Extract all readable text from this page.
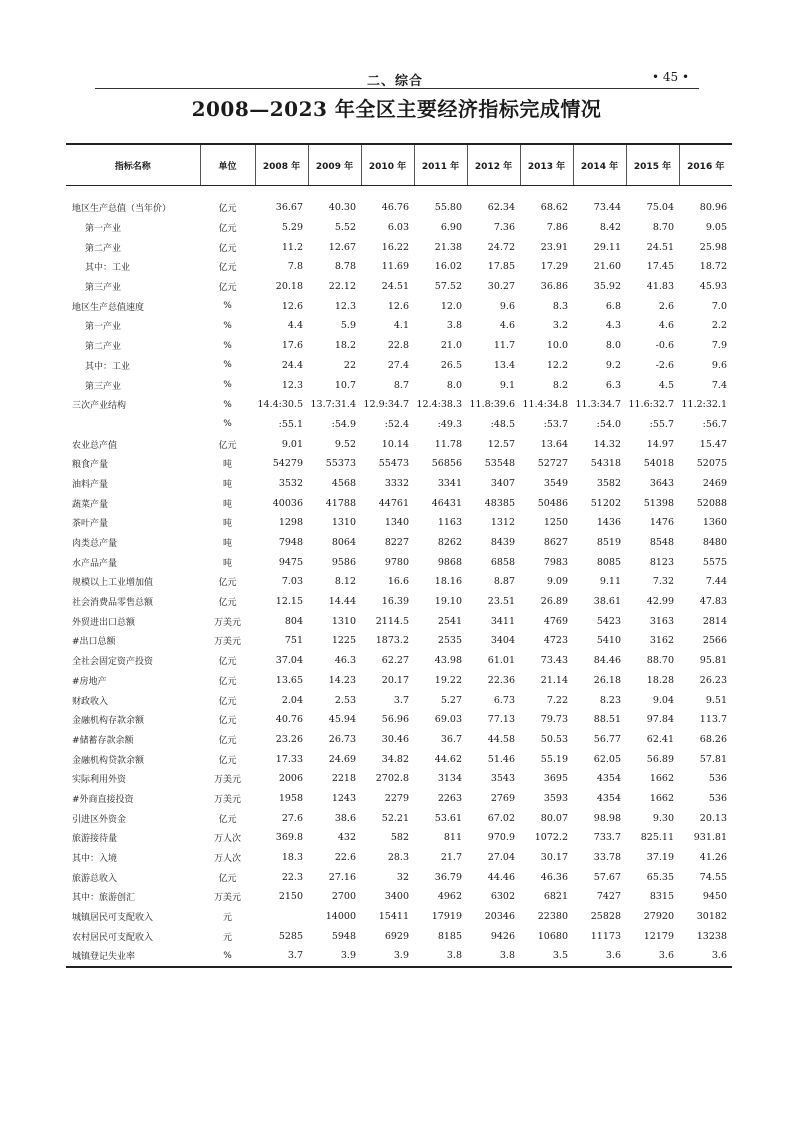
二、综合	• 45 •
2008—2023 年全区主要经济指标完成情况
指标名称	单位	2008 年	2009 年	2010 年	2011 年	2012 年	2013 年	2014 年	2015 年	2016 年

地区生产总值（当年价）	亿元	36.67	40.30	46.76	55.80	62.34	68.62	73.44	75.04	80.96
第一产业	亿元	5.29	5.52	6.03	6.90	7.36	7.86	8.42	8.70	9.05
第二产业	亿元	11.2	12.67	16.22	21.38	24.72	23.91	29.11	24.51	25.98
其中：工业	亿元	7.8	8.78	11.69	16.02	17.85	17.29	21.60	17.45	18.72
第三产业	亿元	20.18	22.12	24.51	57.52	30.27	36.86	35.92	41.83	45.93
地区生产总值速度	%	12.6	12.3	12.6	12.0	9.6	8.3	6.8	2.6	7.0
第一产业	%	4.4	5.9	4.1	3.8	4.6	3.2	4.3	4.6	2.2
第二产业	%	17.6	18.2	22.8	21.0	11.7	10.0	8.0	-0.6	7.9
其中：工业	%	24.4	22	27.4	26.5	13.4	12.2	9.2	-2.6	9.6
第三产业	%	12.3	10.7	8.7	8.0	9.1	8.2	6.3	4.5	7.4
三次产业结构	%	14.4:30.5	13.7:31.4	12.9:34.7	12.4:38.3	11.8:39.6	11.4:34.8	11.3:34.7	11.6:32.7	11.2:32.1
	%	:55.1	:54.9	:52.4	:49.3	:48.5	:53.7	:54.0	:55.7	:56.7
农业总产值	亿元	9.01	9.52	10.14	11.78	12.57	13.64	14.32	14.97	15.47
粮食产量	吨	54279	55373	55473	56856	53548	52727	54318	54018	52075
油料产量	吨	3532	4568	3332	3341	3407	3549	3582	3643	2469
蔬菜产量	吨	40036	41788	44761	46431	48385	50486	51202	51398	52088
茶叶产量	吨	1298	1310	1340	1163	1312	1250	1436	1476	1360
肉类总产量	吨	7948	8064	8227	8262	8439	8627	8519	8548	8480
水产品产量	吨	9475	9586	9780	9868	6858	7983	8085	8123	5575
规模以上工业增加值	亿元	7.03	8.12	16.6	18.16	8.87	9.09	9.11	7.32	7.44
社会消费品零售总额	亿元	12.15	14.44	16.39	19.10	23.51	26.89	38.61	42.99	47.83
外贸进出口总额	万美元	804	1310	2114.5	2541	3411	4769	5423	3163	2814
#出口总额	万美元	751	1225	1873.2	2535	3404	4723	5410	3162	2566
全社会固定资产投资	亿元	37.04	46.3	62.27	43.98	61.01	73.43	84.46	88.70	95.81
#房地产	亿元	13.65	14.23	20.17	19.22	22.36	21.14	26.18	18.28	26.23
财政收入	亿元	2.04	2.53	3.7	5.27	6.73	7.22	8.23	9.04	9.51
金融机构存款余额	亿元	40.76	45.94	56.96	69.03	77.13	79.73	88.51	97.84	113.7
#储蓄存款余额	亿元	23.26	26.73	30.46	36.7	44.58	50.53	56.77	62.41	68.26
金融机构贷款余额	亿元	17.33	24.69	34.82	44.62	51.46	55.19	62.05	56.89	57.81
实际利用外资	万美元	2006	2218	2702.8	3134	3543	3695	4354	1662	536
#外商直接投资	万美元	1958	1243	2279	2263	2769	3593	4354	1662	536
引进区外资金	亿元	27.6	38.6	52.21	53.61	67.02	80.07	98.98	9.30	20.13
旅游接待量	万人次	369.8	432	582	811	970.9	1072.2	733.7	825.11	931.81
其中：入境	万人次	18.3	22.6	28.3	21.7	27.04	30.17	33.78	37.19	41.26
旅游总收入	亿元	22.3	27.16	32	36.79	44.46	46.36	57.67	65.35	74.55
其中：旅游创汇	万美元	2150	2700	3400	4962	6302	6821	7427	8315	9450
城镇居民可支配收入	元		14000	15411	17919	20346	22380	25828	27920	30182
农村居民可支配收入	元	5285	5948	6929	8185	9426	10680	11173	12179	13238
城镇登记失业率	%	3.7	3.9	3.9	3.8	3.8	3.5	3.6	3.6	3.6
